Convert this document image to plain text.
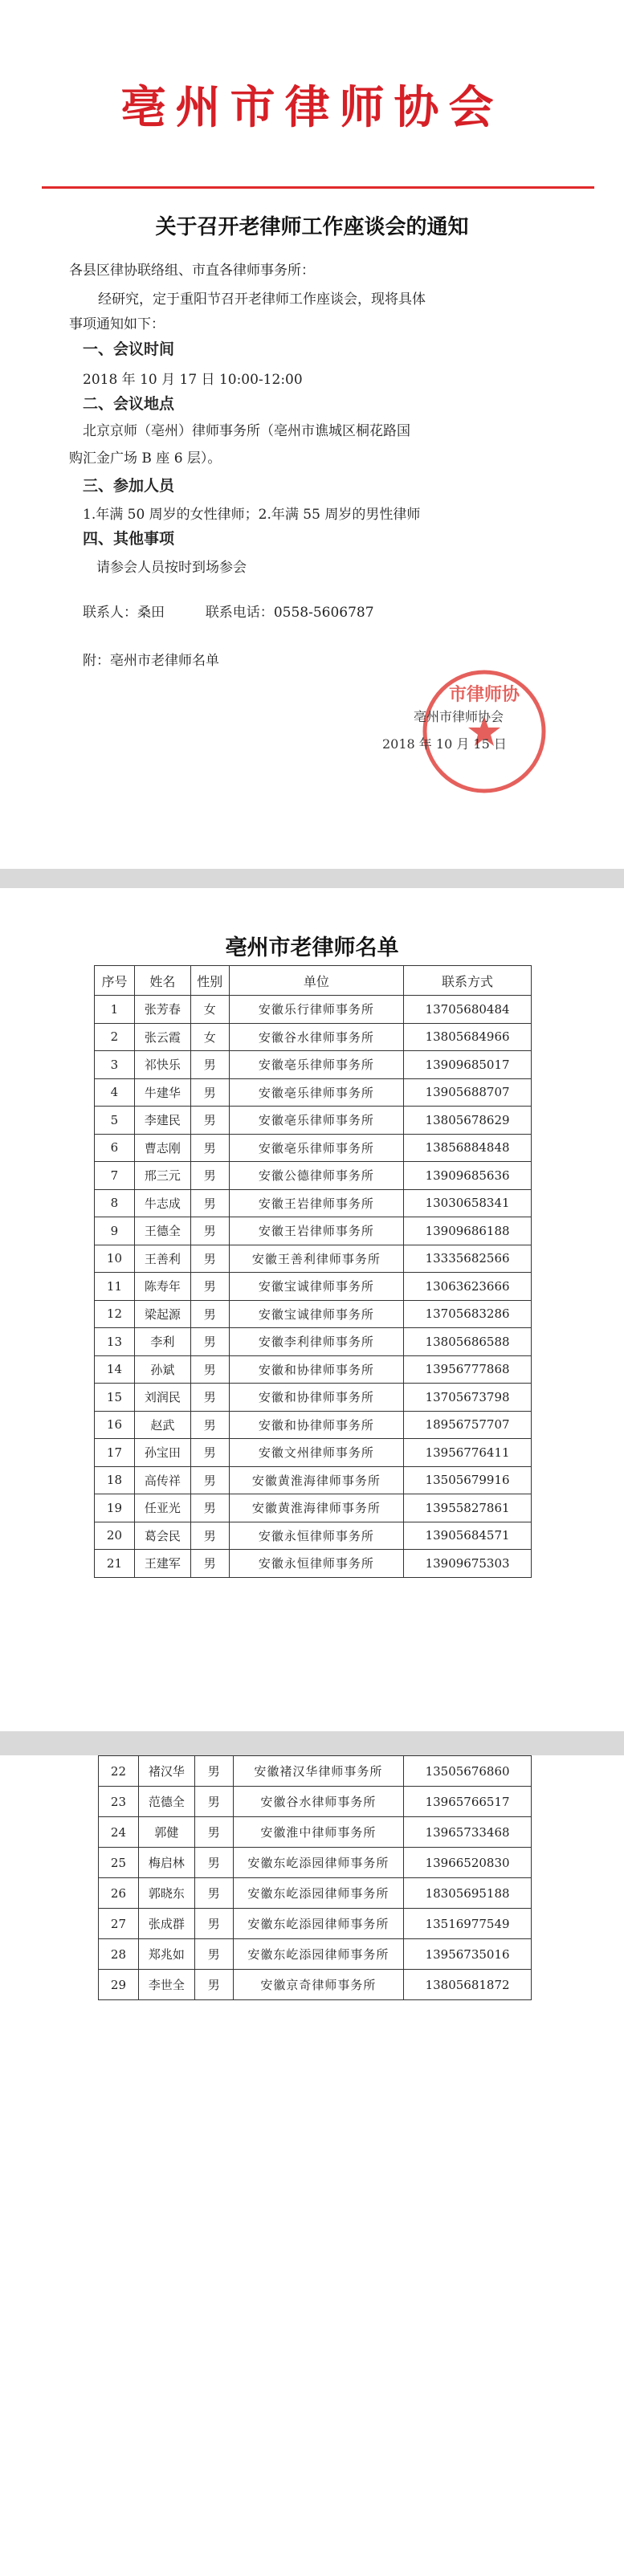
亳州市律师协会
关于召开老律师工作座谈会的通知
各县区律协联络组、市直各律师事务所：
经研究，定于重阳节召开老律师工作座谈会，现将具体
事项通知如下：
一、会议时间
2018 年 10 月 17 日 10:00-12:00
二、会议地点
北京京师（亳州）律师事务所（亳州市谯城区桐花路国
购汇金广场 B 座 6 层）。
三、参加人员
1.年满 50 周岁的女性律师；2.年满 55 周岁的男性律师
四、其他事项
请参会人员按时到场参会
联系人：桑田	联系电话：0558-5606787
附：亳州市老律师名单
市律师协
亳州市律师协会
2018 年 10 月 15 日
亳州市老律师名单
序号	姓名	性别	单位	联系方式
1	张芳春	女	安徽乐行律师事务所	13705680484
2	张云霞	女	安徽谷水律师事务所	13805684966
3	祁快乐	男	安徽亳乐律师事务所	13909685017
4	牛建华	男	安徽亳乐律师事务所	13905688707
5	李建民	男	安徽亳乐律师事务所	13805678629
6	曹志刚	男	安徽亳乐律师事务所	13856884848
7	邢三元	男	安徽公德律师事务所	13909685636
8	牛志成	男	安徽王岩律师事务所	13030658341
9	王德全	男	安徽王岩律师事务所	13909686188
10	王善利	男	安徽王善利律师事务所	13335682566
11	陈寿年	男	安徽宝诚律师事务所	13063623666
12	梁起源	男	安徽宝诚律师事务所	13705683286
13	李利	男	安徽李利律师事务所	13805686588
14	孙斌	男	安徽和协律师事务所	13956777868
15	刘润民	男	安徽和协律师事务所	13705673798
16	赵武	男	安徽和协律师事务所	18956757707
17	孙宝田	男	安徽文州律师事务所	13956776411
18	高传祥	男	安徽黄淮海律师事务所	13505679916
19	任亚光	男	安徽黄淮海律师事务所	13955827861
20	葛会民	男	安徽永恒律师事务所	13905684571
21	王建军	男	安徽永恒律师事务所	13909675303
22	褚汉华	男	安徽褚汉华律师事务所	13505676860
23	范德全	男	安徽谷水律师事务所	13965766517
24	郭健	男	安徽淮中律师事务所	13965733468
25	梅启林	男	安徽东屹添园律师事务所	13966520830
26	郭晓东	男	安徽东屹添园律师事务所	18305695188
27	张成群	男	安徽东屹添园律师事务所	13516977549
28	郑兆如	男	安徽东屹添园律师事务所	13956735016
29	李世全	男	安徽京奇律师事务所	13805681872
